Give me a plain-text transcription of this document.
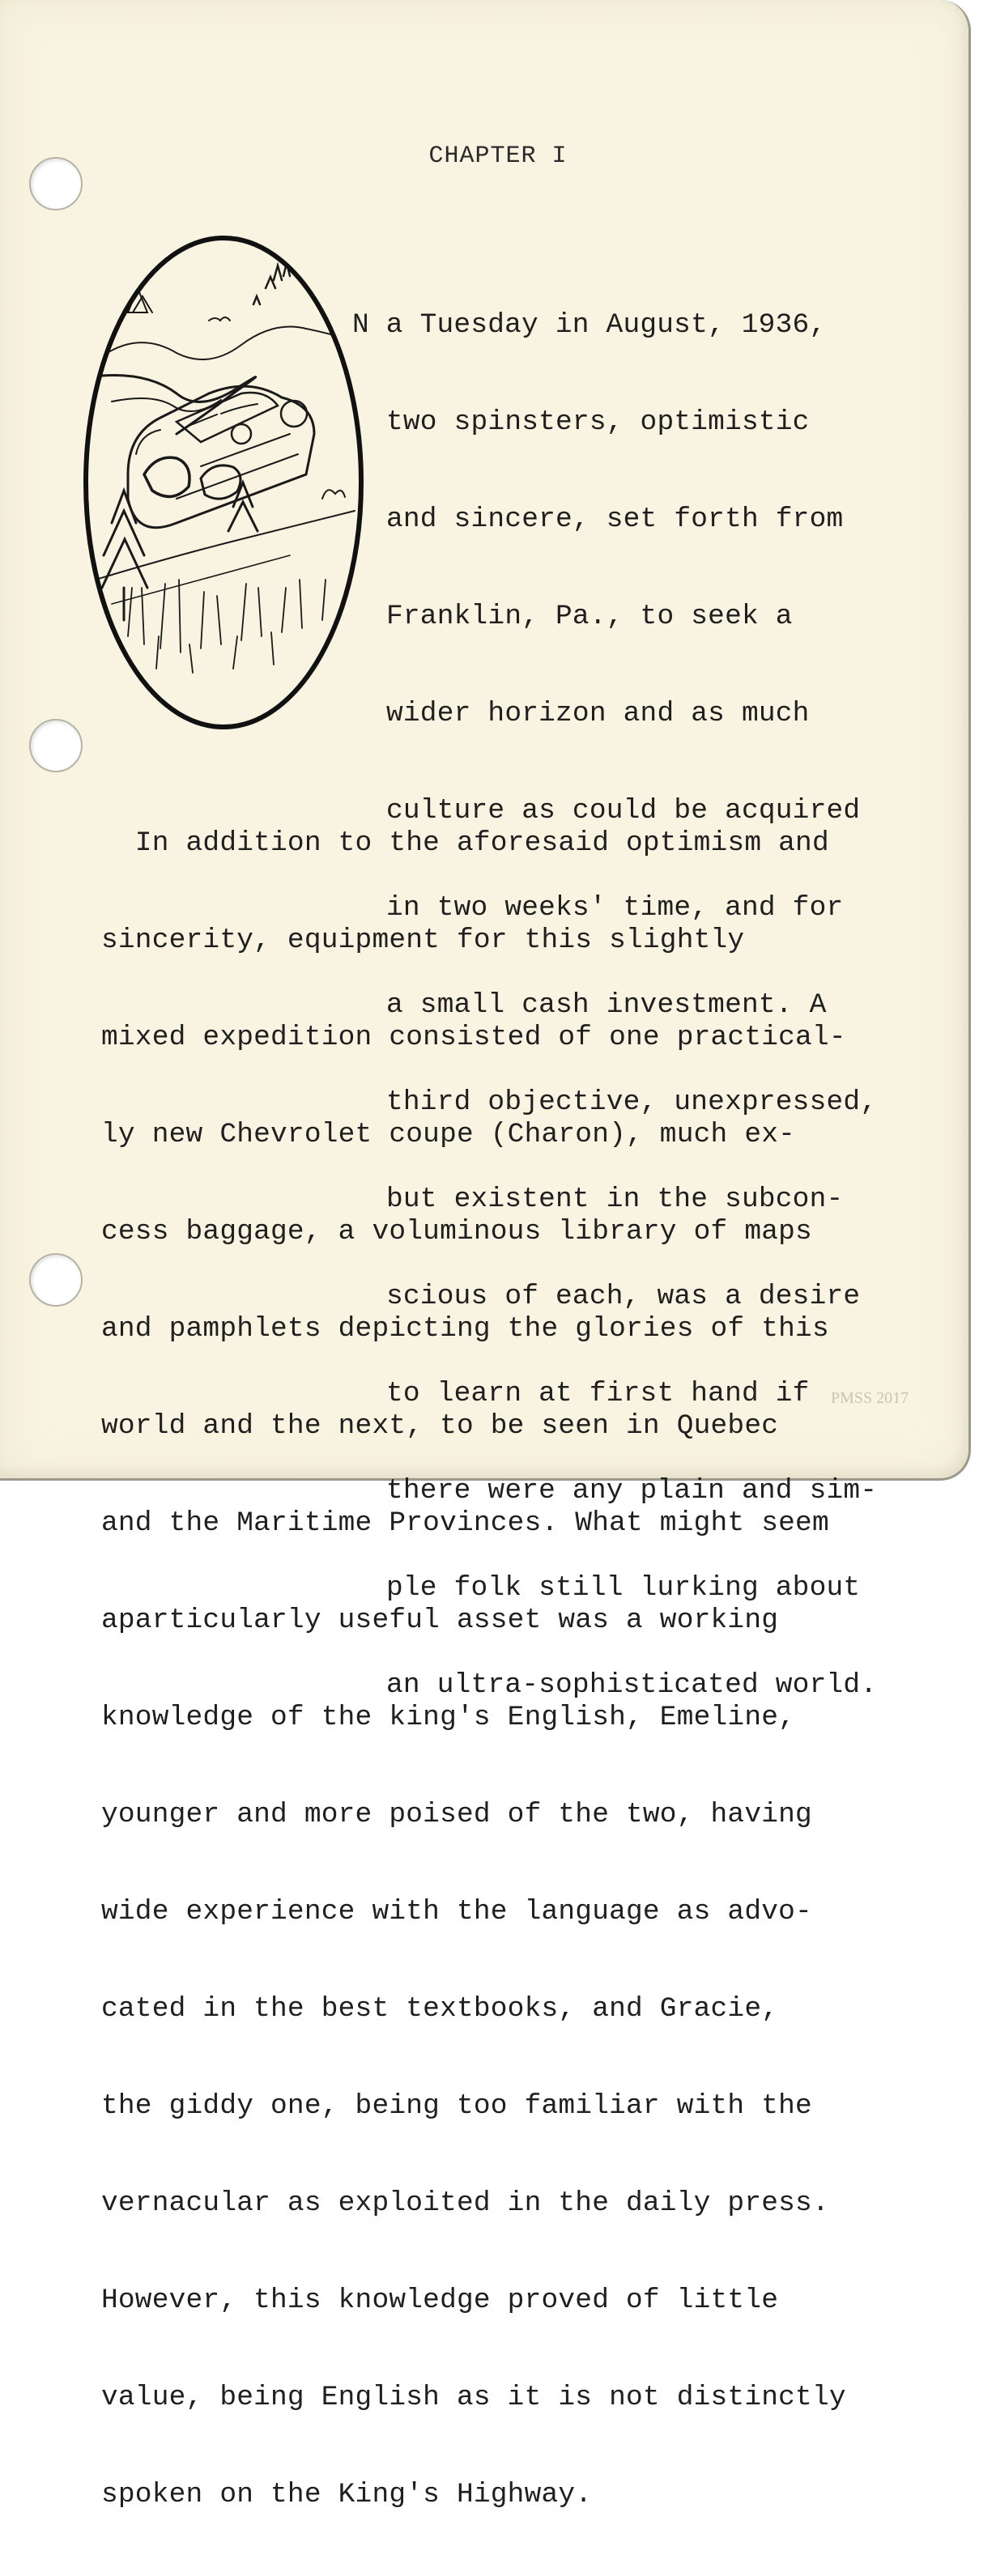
CHAPTER I

N a Tuesday in August, 1936,

two spinsters, optimistic

and sincere, set forth from

Franklin, Pa., to seek a

wider horizon and as much

culture as could be acquired

in two weeks' time, and for

a small cash investment. A

third objective, unexpressed,

but existent in the subcon-

scious of each, was a desire

to learn at first hand if

there were any plain and sim-

ple folk still lurking about

an ultra-sophisticated world.

In addition to the aforesaid optimism and

sincerity, equipment for this slightly

mixed expedition consisted of one practical-

ly new Chevrolet coupe (Charon), much ex-

cess baggage, a voluminous library of maps

and pamphlets depicting the glories of this

world and the next, to be seen in Quebec

and the Maritime Provinces. What might seem

aparticularly useful asset was a working

knowledge of the king's English, Emeline,

younger and more poised of the two, having

wide experience with the language as advo-

cated in the best textbooks, and Gracie,

the giddy one, being too familiar with the

vernacular as exploited in the daily press.

However, this knowledge proved of little

value, being English as it is not distinctly

spoken on the King's Highway.

PMSS 2017
